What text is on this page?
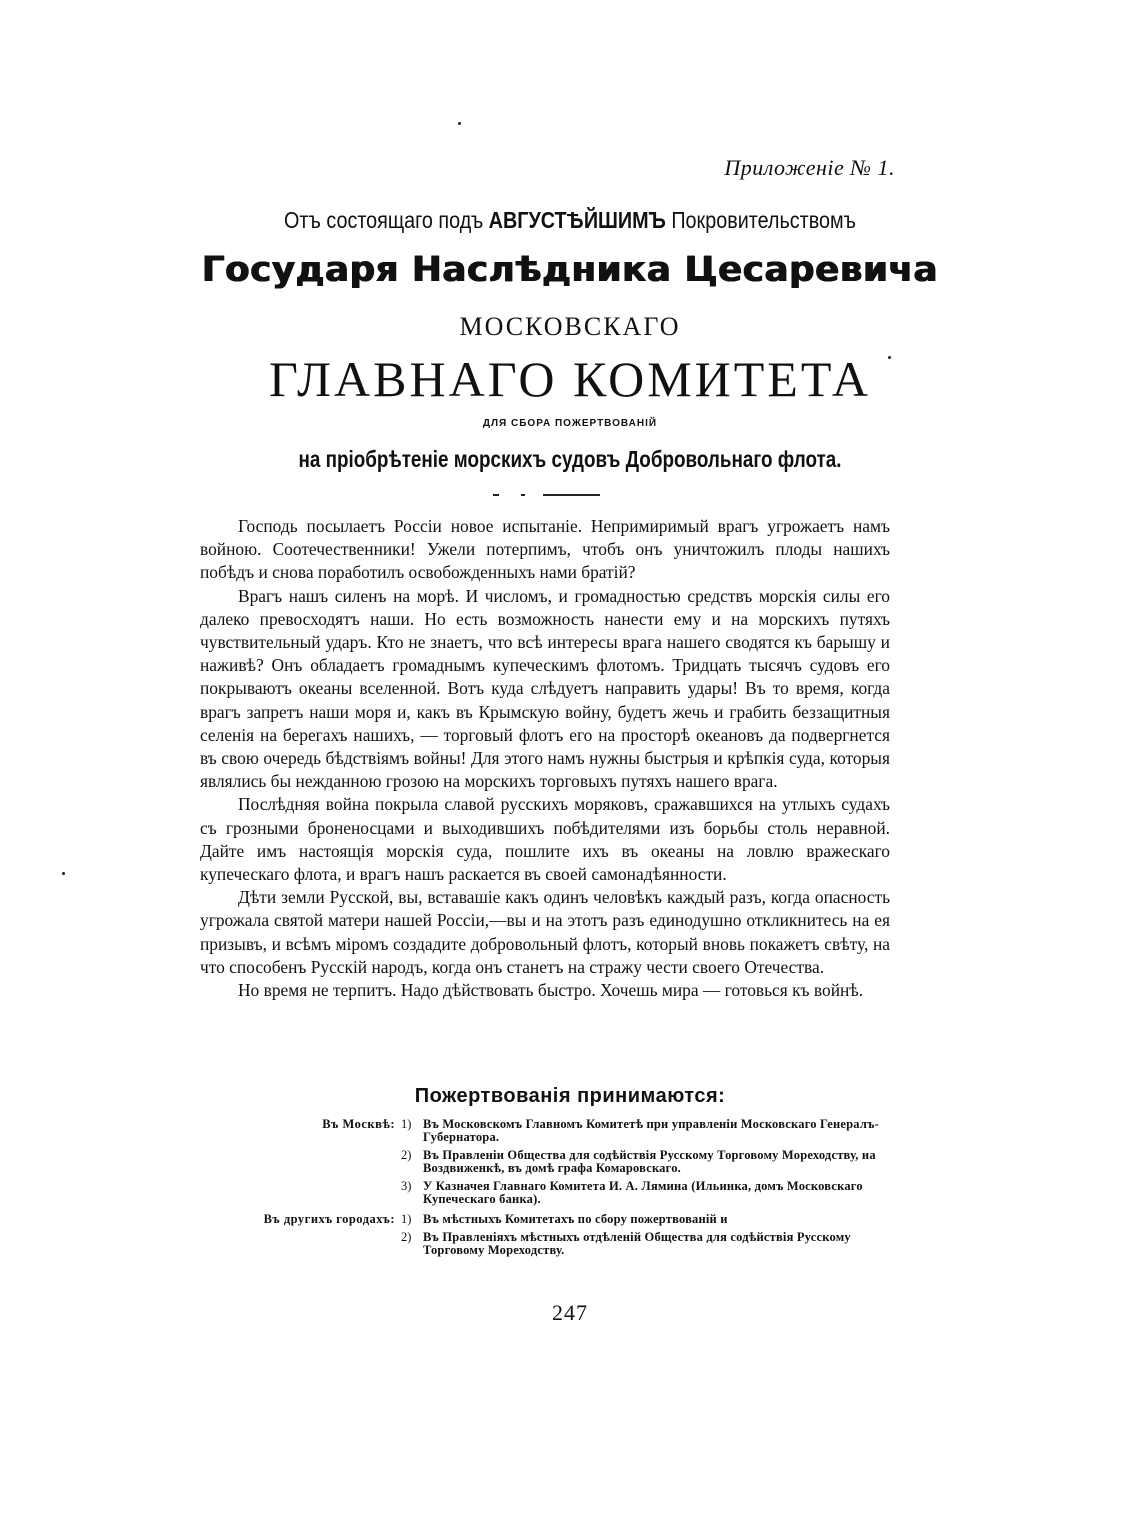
Приложенiе № 1.
Отъ состоящаго подъ АВГУСТѢЙШИМЪ Покровительствомъ
Государя Наслѣдника Цесаревича
МОСКОВСКАГО
ГЛАВНАГО КОМИТЕТА
ДЛЯ СБОРА ПОЖЕРТВОВАНIЙ
на прiобрѣтенiе морскихъ судовъ Добровольнаго флота.

Господь посылаетъ Россiи новое испытанiе. Непримиримый врагъ угрожаетъ намъ войною. Соотечественники! Ужели потерпимъ, чтобъ онъ уничтожилъ плоды нашихъ побѣдъ и снова поработилъ освобожденныхъ нами братiй?

Врагъ нашъ силенъ на морѣ. И числомъ, и громадностью средствъ морскiя силы его далеко превосходятъ наши. Но есть возможность нанести ему и на морскихъ путяхъ чувствительный ударъ. Кто не знаетъ, что всѣ интересы врага нашего сводятся къ барышу и наживѣ? Онъ обладаетъ громаднымъ купеческимъ флотомъ. Тридцать тысячъ судовъ его покрываютъ океаны вселенной. Вотъ куда слѣдуетъ направить удары! Въ то время, когда врагъ запретъ наши моря и, какъ въ Крымскую войну, будетъ жечь и грабить беззащитныя селенiя на берегахъ нашихъ, — торговый флотъ его на просторѣ океановъ да подвергнется въ свою очередь бѣдствiямъ войны! Для этого намъ нужны быстрыя и крѣпкiя суда, которыя являлись бы нежданною грозою на морскихъ торговыхъ путяхъ нашего врага.

Послѣдняя война покрыла славой русскихъ моряковъ, сражавшихся на утлыхъ судахъ съ грозными броненосцами и выходившихъ побѣдителями изъ борьбы столь неравной. Дайте имъ настоящiя морскiя суда, пошлите ихъ въ океаны на ловлю вражескаго купеческаго флота, и врагъ нашъ раскается въ своей самонадѣянности.

Дѣти земли Русской, вы, вставашiе какъ одинъ человѣкъ каждый разъ, когда опасность угрожала святой матери нашей Россiи,—вы и на этотъ разъ единодушно откликнитесь на ея призывъ, и всѣмъ мiромъ создадите добровольный флотъ, который вновь покажетъ свѣту, на что способенъ Русскiй народъ, когда онъ станетъ на стражу чести своего Отечества.

Но время не терпитъ. Надо дѣйствовать быстро. Хочешь мира — готовься къ войнѣ.

Пожертвованiя принимаются:
Въ Москвѣ: 1) Въ Московскомъ Главномъ Комитетѣ при управленiи Московскаго Генералъ-Губернатора.
2) Въ Правленiи Общества для содѣйствiя Русскому Торговому Мореходству, на Воздвиженкѣ, въ домѣ графа Комаровскаго.
3) У Казначея Главнаго Комитета И. А. Лямина (Ильинка, домъ Московскаго Купеческаго банка).
Въ другихъ городахъ: 1) Въ мѣстныхъ Комитетахъ по сбору пожертвованiй и
2) Въ Правленiяхъ мѣстныхъ отдѣленiй Общества для содѣйствiя Русскому Торговому Мореходству.
247
